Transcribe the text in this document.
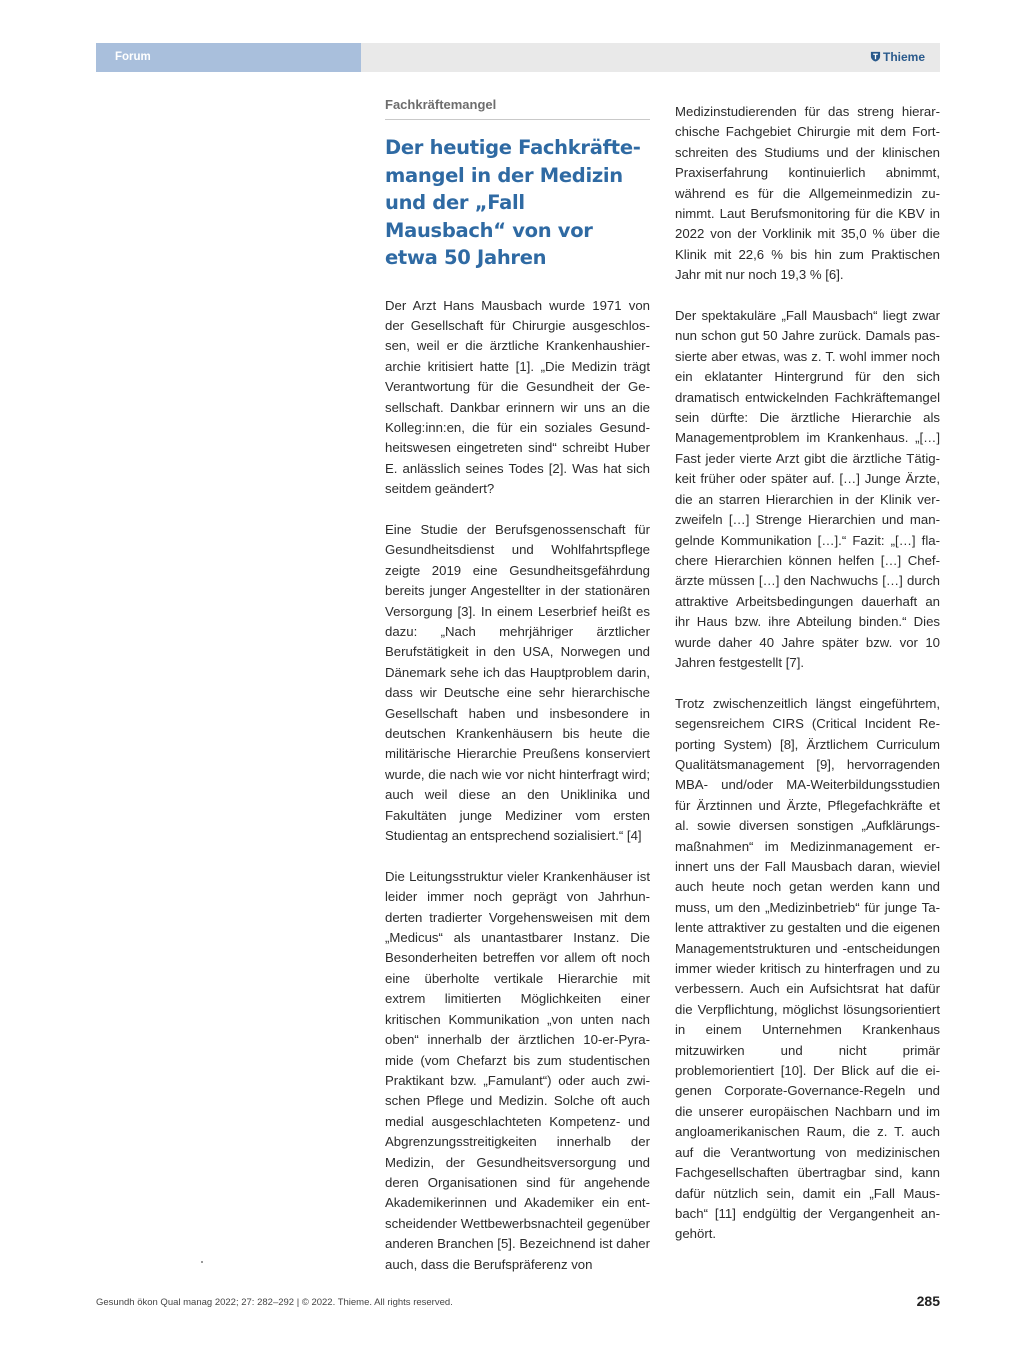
Forum	Thieme
Fachkräftemangel
Der heutige Fachkräftemangel in der Medizin und der „Fall Mausbach“ von vor etwa 50 Jahren

Der Arzt Hans Mausbach wurde 1971 von der Gesellschaft für Chirurgie ausgeschlossen, weil er die ärztliche Krankenhaushierarchie kritisiert hatte [1]. „Die Medizin trägt Verantwortung für die Gesundheit der Gesellschaft. Dankbar erinnern wir uns an die Kolleg:inn:en, die für ein soziales Gesundheitswesen eingetreten sind“ schreibt Huber E. anlässlich seines Todes [2]. Was hat sich seitdem geändert?

Eine Studie der Berufsgenossenschaft für Gesundheitsdienst und Wohlfahrtspflege zeigte 2019 eine Gesundheitsgefährdung bereits junger Angestellter in der stationären Versorgung [3]. In einem Leserbrief heißt es dazu: „Nach mehrjähriger ärztlicher Berufstätigkeit in den USA, Norwegen und Dänemark sehe ich das Hauptproblem darin, dass wir Deutsche eine sehr hierarchische Gesellschaft haben und insbesondere in deutschen Krankenhäusern bis heute die militärische Hierarchie Preußens konserviert wurde, die nach wie vor nicht hinterfragt wird; auch weil diese an den Uniklinika und Fakultäten junge Mediziner vom ersten Studientag an entsprechend sozialisiert.“ [4]

Die Leitungsstruktur vieler Krankenhäuser ist leider immer noch geprägt von Jahrhunderten tradierter Vorgehensweisen mit dem „Medicus“ als unantastbarer Instanz. Die Besonderheiten betreffen vor allem oft noch eine überholte vertikale Hierarchie mit extrem limitierten Möglichkeiten einer kritischen Kommunikation „von unten nach oben“ innerhalb der ärztlichen 10-er-Pyramide (vom Chefarzt bis zum studentischen Praktikant bzw. „Famulant“) oder auch zwischen Pflege und Medizin. Solche oft auch medial ausgeschlachteten Kompetenz- und Abgrenzungsstreitigkeiten innerhalb der Medizin, der Gesundheitsversorgung und deren Organisationen sind für angehende Akademikerinnen und Akademiker ein entscheidender Wettbewerbsnachteil gegenüber anderen Branchen [5]. Bezeichnend ist daher auch, dass die Berufspräferenz von

Medizinstudierenden für das streng hierarchische Fachgebiet Chirurgie mit dem Fortschreiten des Studiums und der klinischen Praxiserfahrung kontinuierlich abnimmt, während es für die Allgemeinmedizin zunimmt. Laut Berufsmonitoring für die KBV in 2022 von der Vorklinik mit 35,0 % über die Klinik mit 22,6 % bis hin zum Praktischen Jahr mit nur noch 19,3 % [6].

Der spektakuläre „Fall Mausbach“ liegt zwar nun schon gut 50 Jahre zurück. Damals passierte aber etwas, was z. T. wohl immer noch ein eklatanter Hintergrund für den sich dramatisch entwickelnden Fachkräftemangel sein dürfte: Die ärztliche Hierarchie als Managementproblem im Krankenhaus. „[…] Fast jeder vierte Arzt gibt die ärztliche Tätigkeit früher oder später auf. […] Junge Ärzte, die an starren Hierarchien in der Klinik verzweifeln […] Strenge Hierarchien und mangelnde Kommunikation […].“ Fazit: „[…] flachere Hierarchien können helfen […] Chefärzte müssen […] den Nachwuchs […] durch attraktive Arbeitsbedingungen dauerhaft an ihr Haus bzw. ihre Abteilung binden.“ Dies wurde daher 40 Jahre später bzw. vor 10 Jahren festgestellt [7].

Trotz zwischenzeitlich längst eingeführtem, segensreichem CIRS (Critical Incident Reporting System) [8], Ärztlichem Curriculum Qualitätsmanagement [9], hervorragenden MBA- und/oder MA-Weiterbildungsstudien für Ärztinnen und Ärzte, Pflegefachkräfte et al. sowie diversen sonstigen „Aufklärungsmaßnahmen“ im Medizinmanagement erinnert uns der Fall Mausbach daran, wieviel auch heute noch getan werden kann und muss, um den „Medizinbetrieb“ für junge Talente attraktiver zu gestalten und die eigenen Managementstrukturen und -entscheidungen immer wieder kritisch zu hinterfragen und zu verbessern. Auch ein Aufsichtsrat hat dafür die Verpflichtung, möglichst lösungsorientiert in einem Unternehmen Krankenhaus mitzuwirken und nicht primär problemorientiert [10]. Der Blick auf die eigenen Corporate-Governance-Regeln und die unserer europäischen Nachbarn und im angloamerikanischen Raum, die z. T. auch auf die Verantwortung von medizinischen Fachgesellschaften übertragbar sind, kann dafür nützlich sein, damit ein „Fall Mausbach“ [11] endgültig der Vergangenheit angehört.

Gesundh ökon Qual manag 2022; 27: 282–292 | © 2022. Thieme. All rights reserved.	285
